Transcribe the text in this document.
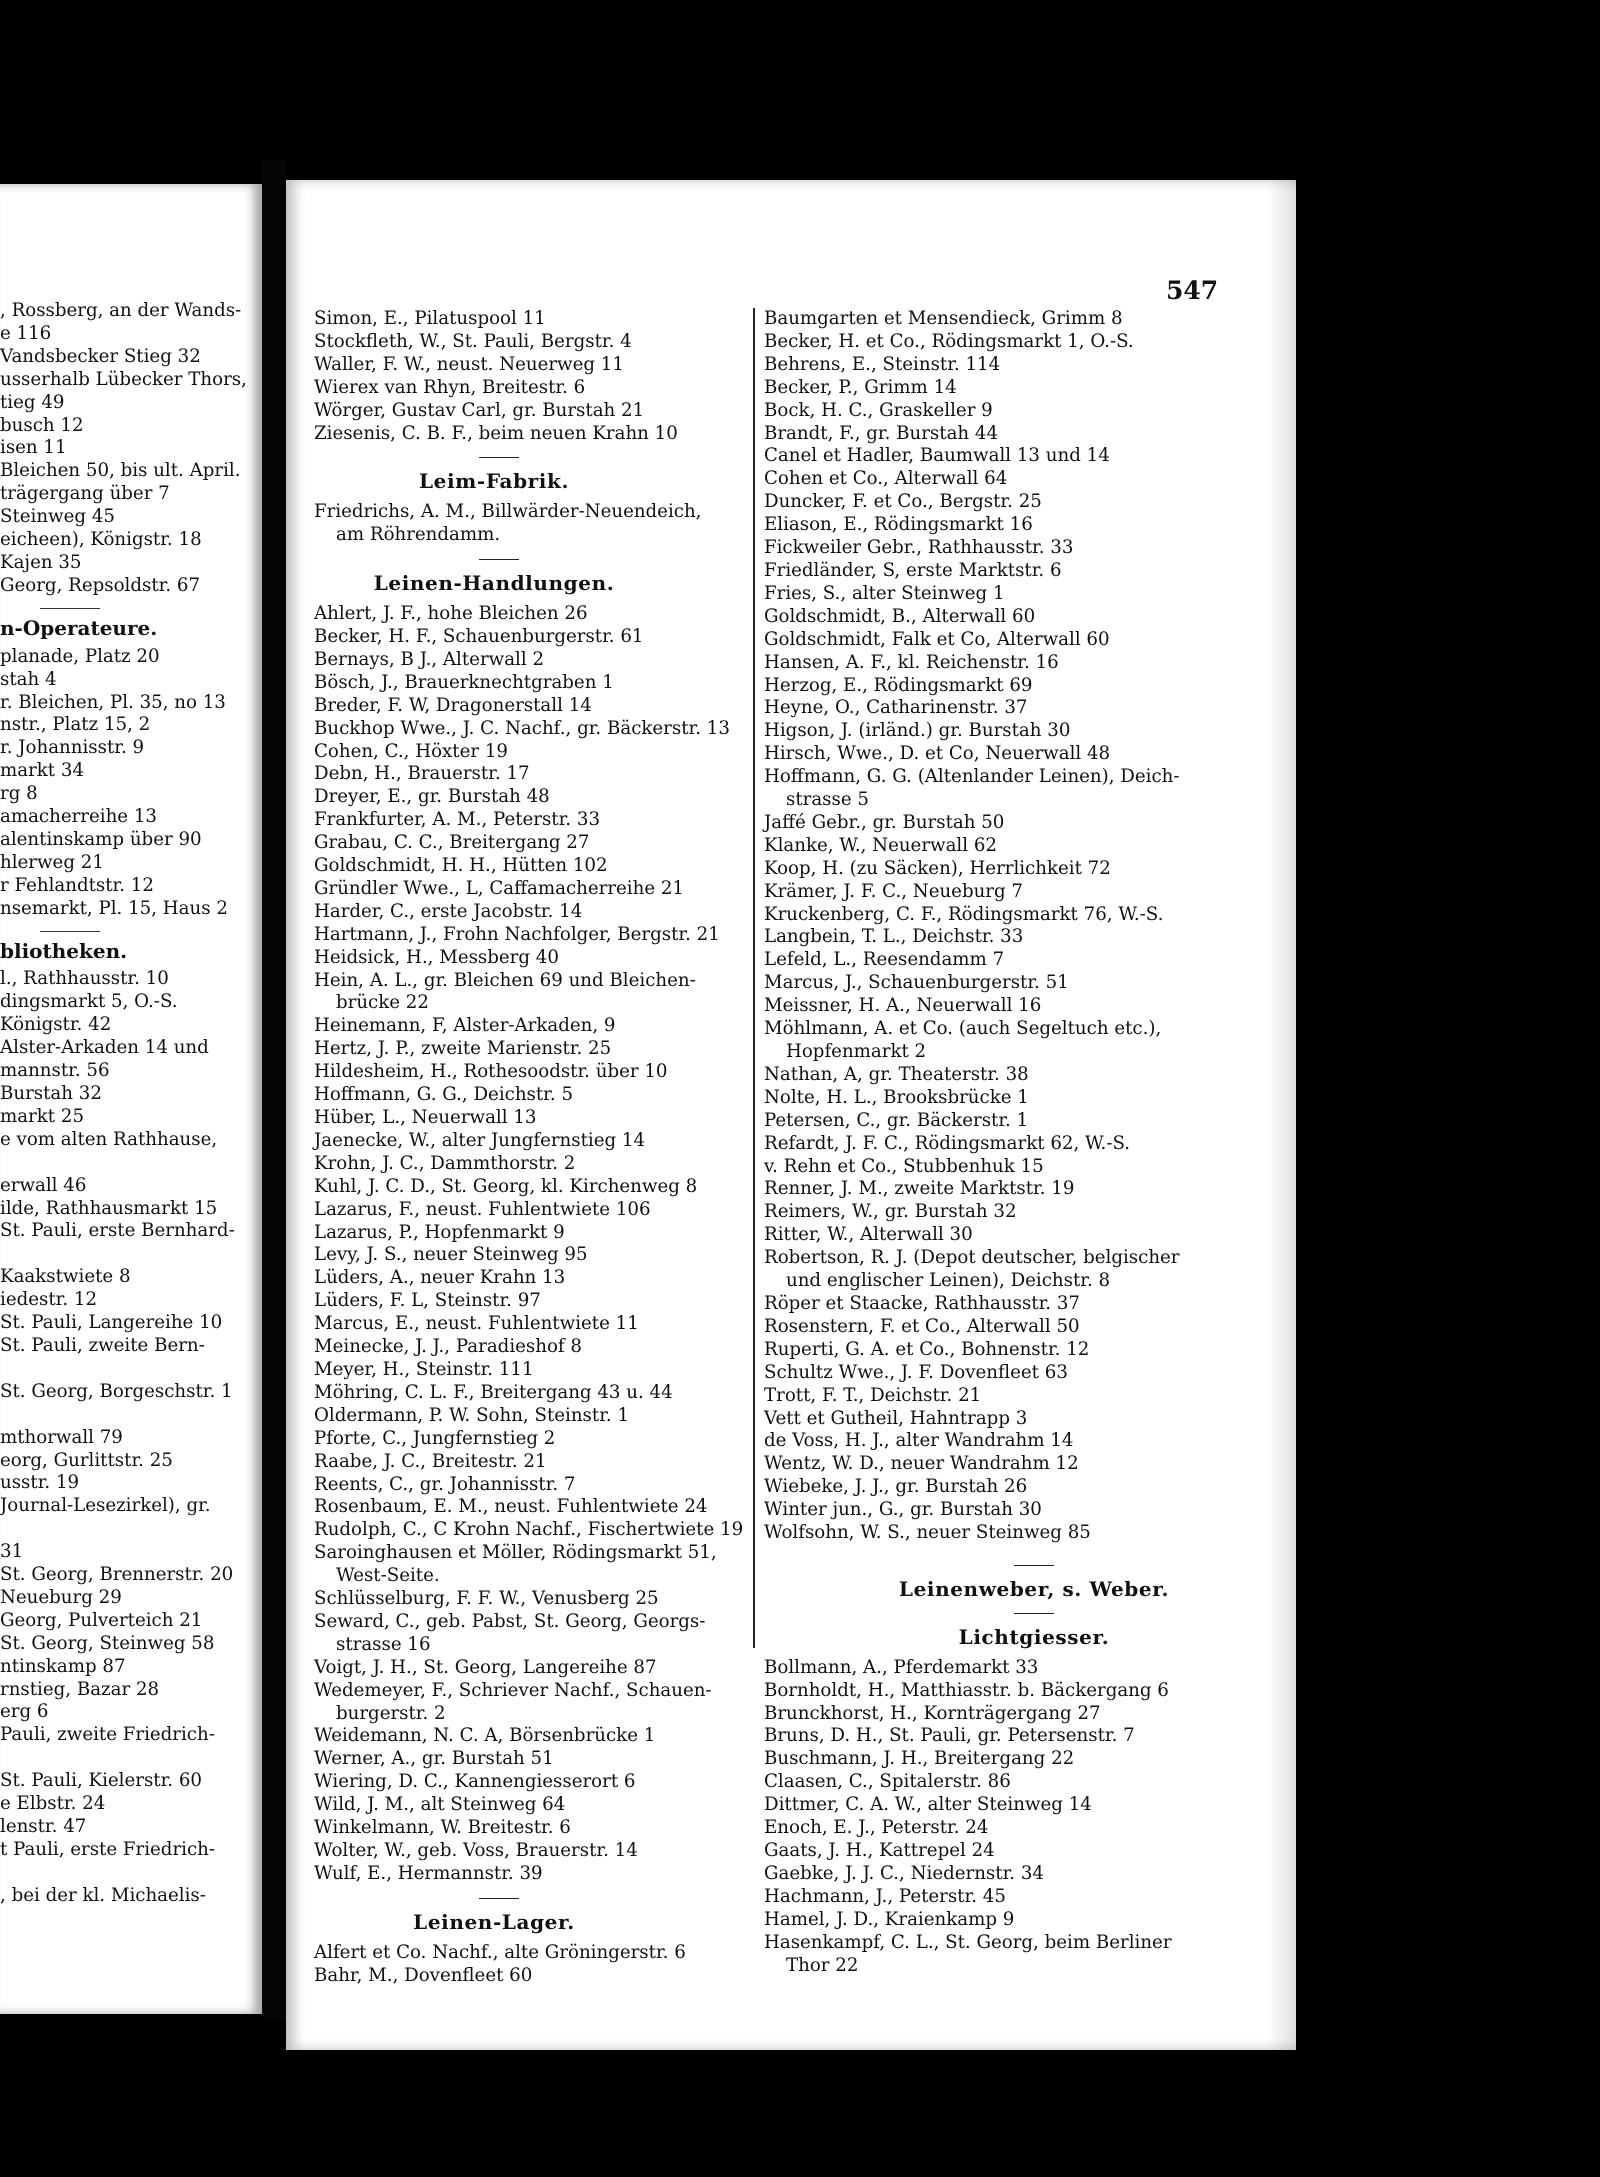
, Rossberg, an der Wands-
e 116
Vandsbecker Stieg 32
usserhalb Lübecker Thors,
tieg 49
busch 12
isen 11
Bleichen 50, bis ult. April.
trägergang über 7
Steinweg 45
eicheen), Königstr. 18
Kajen 35
Georg, Repsoldstr. 67
n-Operateure.
planade, Platz 20
stah 4
r. Bleichen, Pl. 35, no 13
nstr., Platz 15, 2
r. Johannisstr. 9
markt 34
rg 8
amacherreihe 13
alentinskamp über 90
hlerweg 21
r Fehlandtstr. 12
nsemarkt, Pl. 15, Haus 2
bliotheken.
l., Rathhausstr. 10
dingsmarkt 5, O.-S.
Königstr. 42
Alster-Arkaden 14 und
mannstr. 56
Burstah 32
markt 25
e vom alten Rathhause,

erwall 46
ilde, Rathhausmarkt 15
St. Pauli, erste Bernhard-

Kaakstwiete 8
iedestr. 12
St. Pauli, Langereihe 10
St. Pauli, zweite Bern-

St. Georg, Borgeschstr. 1

mthorwall 79
eorg, Gurlittstr. 25
usstr. 19
Journal-Lesezirkel), gr.

31
St. Georg, Brennerstr. 20
Neueburg 29
Georg, Pulverteich 21
St. Georg, Steinweg 58
ntinskamp 87
rnstieg, Bazar 28
erg 6
Pauli, zweite Friedrich-

St. Pauli, Kielerstr. 60
e Elbstr. 24
lenstr. 47
t Pauli, erste Friedrich-

, bei der kl. Michaelis-
547
Simon, E., Pilatuspool 11
Stockfleth, W., St. Pauli, Bergstr. 4
Waller, F. W., neust. Neuerweg 11
Wierex van Rhyn, Breitestr. 6
Wörger, Gustav Carl, gr. Burstah 21
Ziesenis, C. B. F., beim neuen Krahn 10
Leim-Fabrik.
Friedrichs, A. M., Billwärder-Neuendeich,
am Röhrendamm.
Leinen-Handlungen.
Ahlert, J. F., hohe Bleichen 26
Becker, H. F., Schauenburgerstr. 61
Bernays, B J., Alterwall 2
Bösch, J., Brauerknechtgraben 1
Breder, F. W, Dragonerstall 14
Buckhop Wwe., J. C. Nachf., gr. Bäckerstr. 13
Cohen, C., Höxter 19
Debn, H., Brauerstr. 17
Dreyer, E., gr. Burstah 48
Frankfurter, A. M., Peterstr. 33
Grabau, C. C., Breitergang 27
Goldschmidt, H. H., Hütten 102
Gründler Wwe., L, Caffamacherreihe 21
Harder, C., erste Jacobstr. 14
Hartmann, J., Frohn Nachfolger, Bergstr. 21
Heidsick, H., Messberg 40
Hein, A. L., gr. Bleichen 69 und Bleichen-
brücke 22
Heinemann, F, Alster-Arkaden, 9
Hertz, J. P., zweite Marienstr. 25
Hildesheim, H., Rothesoodstr. über 10
Hoffmann, G. G., Deichstr. 5
Hüber, L., Neuerwall 13
Jaenecke, W., alter Jungfernstieg 14
Krohn, J. C., Dammthorstr. 2
Kuhl, J. C. D., St. Georg, kl. Kirchenweg 8
Lazarus, F., neust. Fuhlentwiete 106
Lazarus, P., Hopfenmarkt 9
Levy, J. S., neuer Steinweg 95
Lüders, A., neuer Krahn 13
Lüders, F. L, Steinstr. 97
Marcus, E., neust. Fuhlentwiete 11
Meinecke, J. J., Paradieshof 8
Meyer, H., Steinstr. 111
Möhring, C. L. F., Breitergang 43 u. 44
Oldermann, P. W. Sohn, Steinstr. 1
Pforte, C., Jungfernstieg 2
Raabe, J. C., Breitestr. 21
Reents, C., gr. Johannisstr. 7
Rosenbaum, E. M., neust. Fuhlentwiete 24
Rudolph, C., C Krohn Nachf., Fischertwiete 19
Saroinghausen et Möller, Rödingsmarkt 51,
West-Seite.
Schlüsselburg, F. F. W., Venusberg 25
Seward, C., geb. Pabst, St. Georg, Georgs-
strasse 16
Voigt, J. H., St. Georg, Langereihe 87
Wedemeyer, F., Schriever Nachf., Schauen-
burgerstr. 2
Weidemann, N. C. A, Börsenbrücke 1
Werner, A., gr. Burstah 51
Wiering, D. C., Kannengiesserort 6
Wild, J. M., alt Steinweg 64
Winkelmann, W. Breitestr. 6
Wolter, W., geb. Voss, Brauerstr. 14
Wulf, E., Hermannstr. 39
Leinen-Lager.
Alfert et Co. Nachf., alte Gröningerstr. 6
Bahr, M., Dovenfleet 60
Baumgarten et Mensendieck, Grimm 8
Becker, H. et Co., Rödingsmarkt 1, O.-S.
Behrens, E., Steinstr. 114
Becker, P., Grimm 14
Bock, H. C., Graskeller 9
Brandt, F., gr. Burstah 44
Canel et Hadler, Baumwall 13 und 14
Cohen et Co., Alterwall 64
Duncker, F. et Co., Bergstr. 25
Eliason, E., Rödingsmarkt 16
Fickweiler Gebr., Rathhausstr. 33
Friedländer, S, erste Marktstr. 6
Fries, S., alter Steinweg 1
Goldschmidt, B., Alterwall 60
Goldschmidt, Falk et Co, Alterwall 60
Hansen, A. F., kl. Reichenstr. 16
Herzog, E., Rödingsmarkt 69
Heyne, O., Catharinenstr. 37
Higson, J. (irländ.) gr. Burstah 30
Hirsch, Wwe., D. et Co, Neuerwall 48
Hoffmann, G. G. (Altenlander Leinen), Deich-
strasse 5
Jaffé Gebr., gr. Burstah 50
Klanke, W., Neuerwall 62
Koop, H. (zu Säcken), Herrlichkeit 72
Krämer, J. F. C., Neueburg 7
Kruckenberg, C. F., Rödingsmarkt 76, W.-S.
Langbein, T. L., Deichstr. 33
Lefeld, L., Reesendamm 7
Marcus, J., Schauenburgerstr. 51
Meissner, H. A., Neuerwall 16
Möhlmann, A. et Co. (auch Segeltuch etc.),
Hopfenmarkt 2
Nathan, A, gr. Theaterstr. 38
Nolte, H. L., Brooksbrücke 1
Petersen, C., gr. Bäckerstr. 1
Refardt, J. F. C., Rödingsmarkt 62, W.-S.
v. Rehn et Co., Stubbenhuk 15
Renner, J. M., zweite Marktstr. 19
Reimers, W., gr. Burstah 32
Ritter, W., Alterwall 30
Robertson, R. J. (Depot deutscher, belgischer
und englischer Leinen), Deichstr. 8
Röper et Staacke, Rathhausstr. 37
Rosenstern, F. et Co., Alterwall 50
Ruperti, G. A. et Co., Bohnenstr. 12
Schultz Wwe., J. F. Dovenfleet 63
Trott, F. T., Deichstr. 21
Vett et Gutheil, Hahntrapp 3
de Voss, H. J., alter Wandrahm 14
Wentz, W. D., neuer Wandrahm 12
Wiebeke, J. J., gr. Burstah 26
Winter jun., G., gr. Burstah 30
Wolfsohn, W. S., neuer Steinweg 85
Leinenweber, s. Weber.
Lichtgiesser.
Bollmann, A., Pferdemarkt 33
Bornholdt, H., Matthiasstr. b. Bäckergang 6
Brunckhorst, H., Kornträgergang 27
Bruns, D. H., St. Pauli, gr. Petersenstr. 7
Buschmann, J. H., Breitergang 22
Claasen, C., Spitalerstr. 86
Dittmer, C. A. W., alter Steinweg 14
Enoch, E. J., Peterstr. 24
Gaats, J. H., Kattrepel 24
Gaebke, J. J. C., Niedernstr. 34
Hachmann, J., Peterstr. 45
Hamel, J. D., Kraienkamp 9
Hasenkampf, C. L., St. Georg, beim Berliner
Thor 22
